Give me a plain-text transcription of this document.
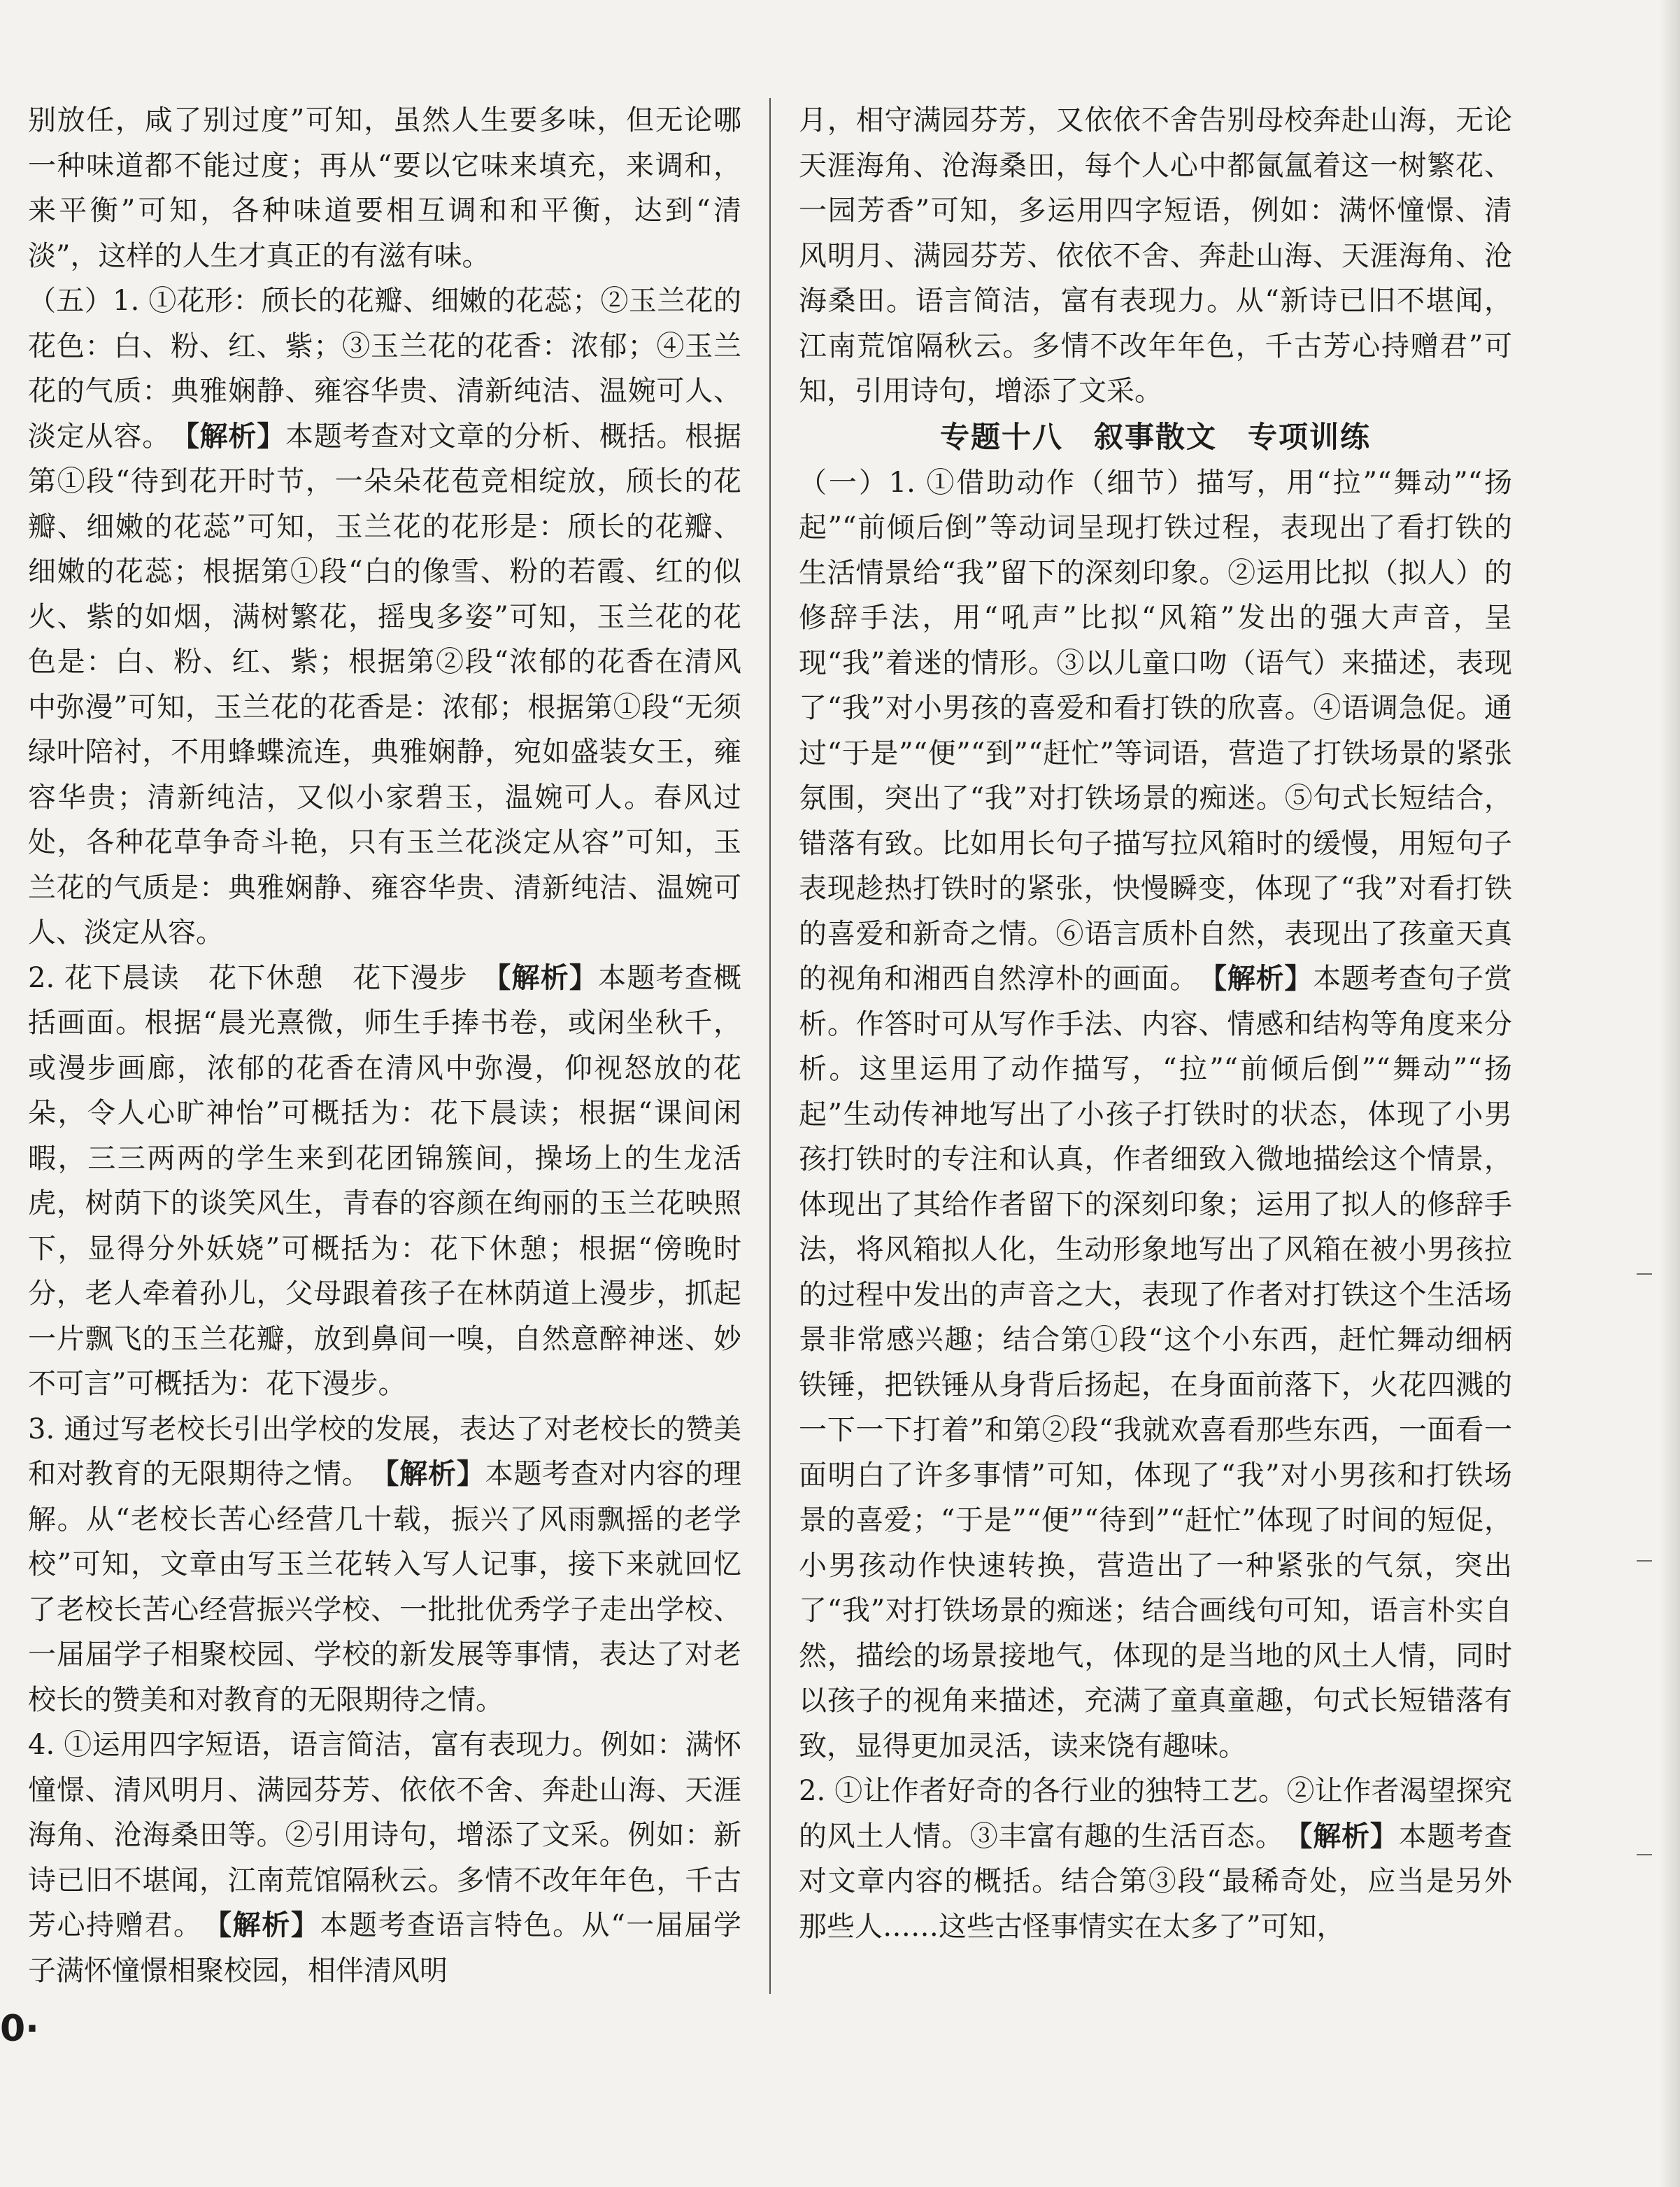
别放任，咸了别过度”可知，虽然人生要多味，但无论哪一种味道都不能过度；再从“要以它味来填充，来调和，来平衡”可知，各种味道要相互调和和平衡，达到“清淡”，这样的人生才真正的有滋有味。

（五）1. ①花形：颀长的花瓣、细嫩的花蕊；②玉兰花的花色：白、粉、红、紫；③玉兰花的花香：浓郁；④玉兰花的气质：典雅娴静、雍容华贵、清新纯洁、温婉可人、淡定从容。　 【解析】本题考查对文章的分析、概括。根据第①段“待到花开时节，一朵朵花苞竞相绽放，颀长的花瓣、细嫩的花蕊”可知，玉兰花的花形是：颀长的花瓣、细嫩的花蕊；根据第①段“白的像雪、粉的若霞、红的似火、紫的如烟，满树繁花，摇曳多姿”可知，玉兰花的花色是：白、粉、红、紫；根据第②段“浓郁的花香在清风中弥漫”可知，玉兰花的花香是：浓郁；根据第①段“无须绿叶陪衬，不用蜂蝶流连，典雅娴静，宛如盛装女王，雍容华贵；清新纯洁，又似小家碧玉，温婉可人。春风过处，各种花草争奇斗艳，只有玉兰花淡定从容”可知，玉兰花的气质是：典雅娴静、雍容华贵、清新纯洁、温婉可人、淡定从容。

2. 花下晨读　花下休憩　花下漫步　【解析】本题考查概括画面。根据“晨光熹微，师生手捧书卷，或闲坐秋千，或漫步画廊，浓郁的花香在清风中弥漫，仰视怒放的花朵，令人心旷神怡”可概括为：花下晨读；根据“课间闲暇，三三两两的学生来到花团锦簇间，操场上的生龙活虎，树荫下的谈笑风生，青春的容颜在绚丽的玉兰花映照下，显得分外妖娆”可概括为：花下休憩；根据“傍晚时分，老人牵着孙儿，父母跟着孩子在林荫道上漫步，抓起一片飘飞的玉兰花瓣，放到鼻间一嗅，自然意醉神迷、妙不可言”可概括为：花下漫步。

3. 通过写老校长引出学校的发展，表达了对老校长的赞美和对教育的无限期待之情。　 【解析】本题考查对内容的理解。从“老校长苦心经营几十载，振兴了风雨飘摇的老学校”可知，文章由写玉兰花转入写人记事，接下来就回忆了老校长苦心经营振兴学校、一批批优秀学子走出学校、一届届学子相聚校园、学校的新发展等事情，表达了对老校长的赞美和对教育的无限期待之情。

4. ①运用四字短语，语言简洁，富有表现力。例如：满怀憧憬、清风明月、满园芬芳、依依不舍、奔赴山海、天涯海角、沧海桑田等。②引用诗句，增添了文采。例如：新诗已旧不堪闻，江南荒馆隔秋云。多情不改年年色，千古芳心持赠君。　 【解析】本题考查语言特色。从“一届届学子满怀憧憬相聚校园，相伴清风明

月，相守满园芬芳，又依依不舍告别母校奔赴山海，无论天涯海角、沧海桑田，每个人心中都氤氲着这一树繁花、一园芳香”可知，多运用四字短语，例如：满怀憧憬、清风明月、满园芬芳、依依不舍、奔赴山海、天涯海角、沧海桑田。语言简洁，富有表现力。从“新诗已旧不堪闻，江南荒馆隔秋云。多情不改年年色，千古芳心持赠君”可知，引用诗句，增添了文采。

专题十八　叙事散文　专项训练

（一）1. ①借助动作（细节）描写，用“拉”“舞动”“扬起”“前倾后倒”等动词呈现打铁过程，表现出了看打铁的生活情景给“我”留下的深刻印象。②运用比拟（拟人）的修辞手法，用“吼声”比拟“风箱”发出的强大声音，呈现“我”着迷的情形。③以儿童口吻（语气）来描述，表现了“我”对小男孩的喜爱和看打铁的欣喜。④语调急促。通过“于是”“便”“到”“赶忙”等词语，营造了打铁场景的紧张氛围，突出了“我”对打铁场景的痴迷。⑤句式长短结合，错落有致。比如用长句子描写拉风箱时的缓慢，用短句子表现趁热打铁时的紧张，快慢瞬变，体现了“我”对看打铁的喜爱和新奇之情。⑥语言质朴自然，表现出了孩童天真的视角和湘西自然淳朴的画面。　 【解析】本题考查句子赏析。作答时可从写作手法、内容、情感和结构等角度来分析。这里运用了动作描写，“拉”“前倾后倒”“舞动”“扬起”生动传神地写出了小孩子打铁时的状态，体现了小男孩打铁时的专注和认真，作者细致入微地描绘这个情景，体现出了其给作者留下的深刻印象；运用了拟人的修辞手法，将风箱拟人化，生动形象地写出了风箱在被小男孩拉的过程中发出的声音之大，表现了作者对打铁这个生活场景非常感兴趣；结合第①段“这个小东西，赶忙舞动细柄铁锤，把铁锤从身背后扬起，在身面前落下，火花四溅的一下一下打着”和第②段“我就欢喜看那些东西，一面看一面明白了许多事情”可知，体现了“我”对小男孩和打铁场景的喜爱；“于是”“便”“待到”“赶忙”体现了时间的短促，小男孩动作快速转换，营造出了一种紧张的气氛，突出了“我”对打铁场景的痴迷；结合画线句可知，语言朴实自然，描绘的场景接地气，体现的是当地的风土人情，同时以孩子的视角来描述，充满了童真童趣，句式长短错落有致，显得更加灵活，读来饶有趣味。

2. ①让作者好奇的各行业的独特工艺。②让作者渴望探究的风土人情。③丰富有趣的生活百态。　【解析】本题考查对文章内容的概括。结合第③段“最稀奇处，应当是另外那些人……这些古怪事情实在太多了”可知，

0·
